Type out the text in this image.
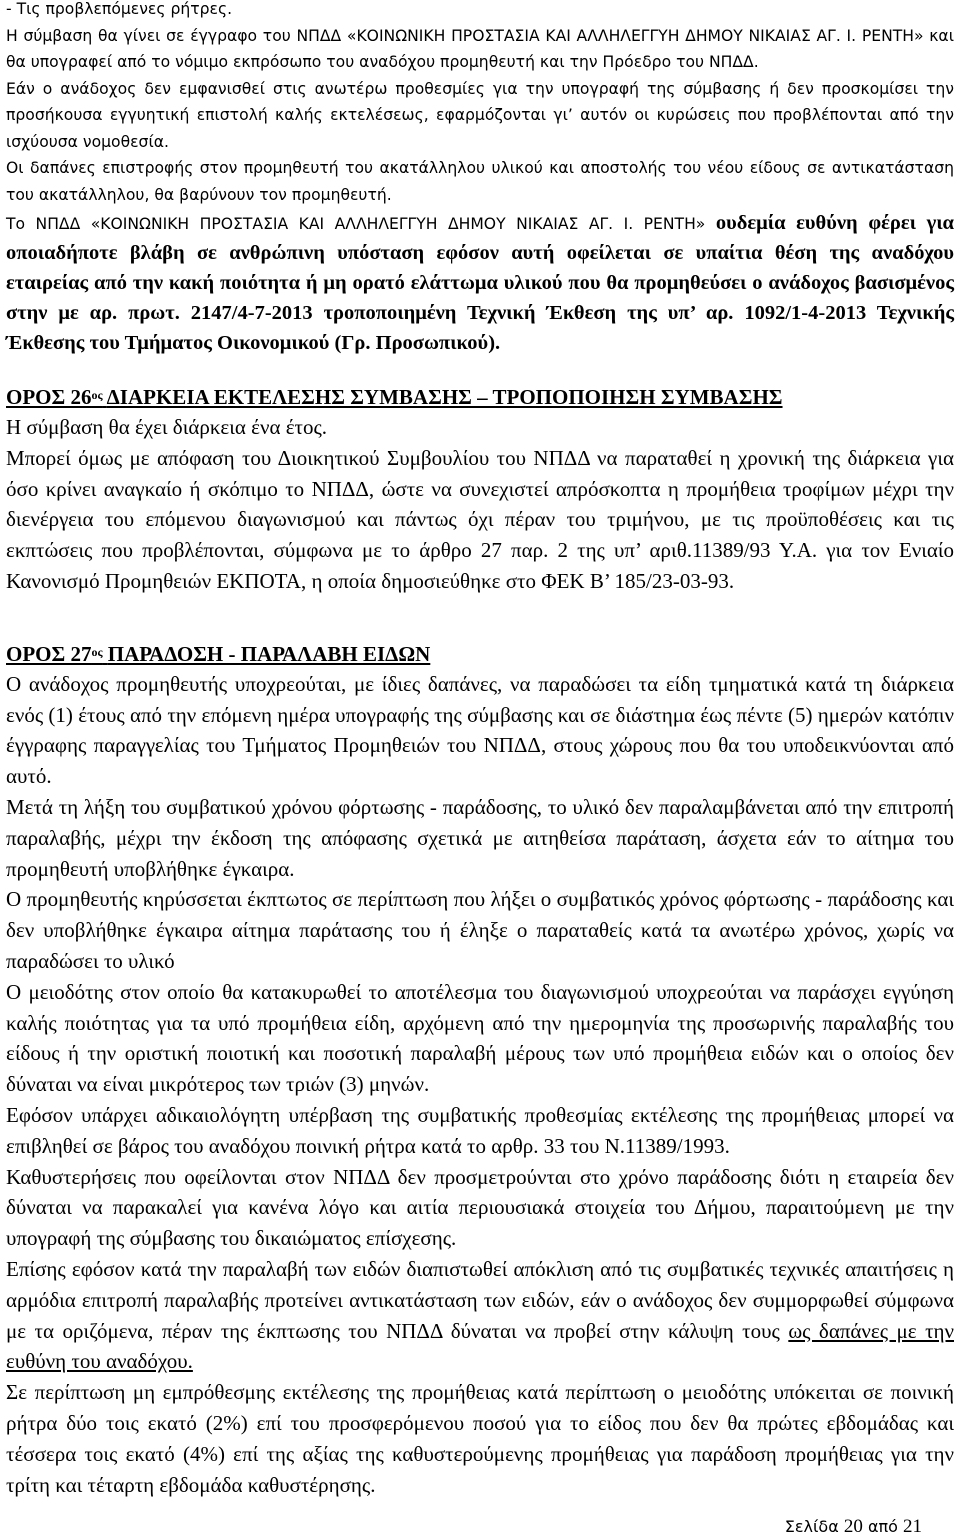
- Τις προβλεπόμενες ρήτρες.

Η σύμβαση θα γίνει σε έγγραφο του ΝΠΔΔ «ΚΟΙΝΩΝΙΚΗ ΠΡΟΣΤΑΣΙΑ ΚΑΙ ΑΛΛΗΛΕΓΓΥΗ ΔΗΜΟΥ ΝΙΚΑΙΑΣ ΑΓ. Ι. ΡΕΝΤΗ» και θα υπογραφεί από το νόμιμο εκπρόσωπο του αναδόχου προμηθευτή και την Πρόεδρο του ΝΠΔΔ.

Εάν ο ανάδοχος δεν εμφανισθεί στις ανωτέρω προθεσμίες για την υπογραφή της σύμβασης ή δεν προσκομίσει την προσήκουσα εγγυητική επιστολή καλής εκτελέσεως, εφαρμόζονται γι’ αυτόν οι κυρώσεις που προβλέπονται από την ισχύουσα νομοθεσία.

Οι δαπάνες επιστροφής στον προμηθευτή του ακατάλληλου υλικού και αποστολής του νέου είδους σε αντικατάσταση του ακατάλληλου, θα βαρύνουν τον προμηθευτή.

Το ΝΠΔΔ «ΚΟΙΝΩΝΙΚΗ ΠΡΟΣΤΑΣΙΑ ΚΑΙ ΑΛΛΗΛΕΓΓΥΗ ΔΗΜΟΥ ΝΙΚΑΙΑΣ ΑΓ. Ι. ΡΕΝΤΗ» ουδεμία ευθύνη φέρει για οποιαδήποτε βλάβη σε ανθρώπινη υπόσταση εφόσον αυτή οφείλεται σε υπαίτια θέση της αναδόχου εταιρείας από την κακή ποιότητα ή μη ορατό ελάττωμα υλικού που θα προμηθεύσει ο ανάδοχος βασισμένος στην με αρ. πρωτ. 2147/4-7-2013 τροποποιημένη Τεχνική Έκθεση της υπ’ αρ. 1092/1-4-2013 Τεχνικής Έκθεσης του Τμήματος Οικονομικού (Γρ. Προσωπικού).

ΟΡΟΣ $26^{o\varsigma}$ ΔΙΑΡΚΕΙΑ ΕΚΤΕΛΕΣΗΣ ΣΥΜΒΑΣΗΣ – ΤΡΟΠΟΠΟΙΗΣΗ ΣΥΜΒΑΣΗΣ

Η σύμβαση θα έχει διάρκεια ένα έτος.

Μπορεί όμως με απόφαση του Διοικητικού Συμβουλίου του ΝΠΔΔ να παραταθεί η χρονική της διάρκεια για όσο κρίνει αναγκαίο ή σκόπιμο το ΝΠΔΔ, ώστε να συνεχιστεί απρόσκοπτα η προμήθεια τροφίμων μέχρι την διενέργεια του επόμενου διαγωνισμού και πάντως όχι πέραν του τριμήνου, με τις προϋποθέσεις και τις εκπτώσεις που προβλέπονται, σύμφωνα με το άρθρο 27 παρ. 2 της υπ’ αριθ.11389/93 Υ.Α. για τον Ενιαίο Κανονισμό Προμηθειών ΕΚΠΟΤΑ, η οποία δημοσιεύθηκε στο ΦΕΚ Β’ 185/23-03-93.

ΟΡΟΣ $27^{o\varsigma}$ ΠΑΡΑΔΟΣΗ - ΠΑΡΑΛΑΒΗ ΕΙΔΩΝ

Ο ανάδοχος προμηθευτής υποχρεούται, με ίδιες δαπάνες, να παραδώσει τα είδη τμηματικά κατά τη διάρκεια ενός (1) έτους από την επόμενη ημέρα υπογραφής της σύμβασης και σε διάστημα έως πέντε (5) ημερών κατόπιν έγγραφης παραγγελίας του Τμήματος Προμηθειών του ΝΠΔΔ, στους χώρους που θα του υποδεικνύονται από αυτό.

Μετά τη λήξη του συμβατικού χρόνου φόρτωσης - παράδοσης, το υλικό δεν παραλαμβάνεται από την επιτροπή παραλαβής, μέχρι την έκδοση της απόφασης σχετικά με αιτηθείσα παράταση, άσχετα εάν το αίτημα του προμηθευτή υποβλήθηκε έγκαιρα.

Ο προμηθευτής κηρύσσεται έκπτωτος σε περίπτωση που λήξει ο συμβατικός χρόνος φόρτωσης - παράδοσης και δεν υποβλήθηκε έγκαιρα αίτημα παράτασης του ή έληξε ο παραταθείς κατά τα ανωτέρω χρόνος, χωρίς να παραδώσει το υλικό

Ο μειοδότης στον οποίο θα κατακυρωθεί το αποτέλεσμα του διαγωνισμού υποχρεούται να παράσχει εγγύηση καλής ποιότητας για τα υπό προμήθεια είδη, αρχόμενη από την ημερομηνία της προσωρινής παραλαβής του είδους ή την οριστική ποιοτική και ποσοτική παραλαβή μέρους των υπό προμήθεια ειδών και ο οποίος δεν δύναται να είναι μικρότερος των τριών (3) μηνών.

Εφόσον υπάρχει αδικαιολόγητη υπέρβαση της συμβατικής προθεσμίας εκτέλεσης της προμήθειας μπορεί να επιβληθεί σε βάρος του αναδόχου ποινική ρήτρα κατά το αρθρ. 33 του Ν.11389/1993.

Καθυστερήσεις που οφείλονται στον ΝΠΔΔ δεν προσμετρούνται στο χρόνο παράδοσης διότι η εταιρεία δεν δύναται να παρακαλεί για κανένα λόγο και αιτία περιουσιακά στοιχεία του Δήμου, παραιτούμενη με την υπογραφή της σύμβασης του δικαιώματος επίσχεσης.

Επίσης εφόσον κατά την παραλαβή των ειδών διαπιστωθεί απόκλιση από τις συμβατικές τεχνικές απαιτήσεις η αρμόδια επιτροπή παραλαβής προτείνει αντικατάσταση των ειδών, εάν ο ανάδοχος δεν συμμορφωθεί σύμφωνα με τα οριζόμενα, πέραν της έκπτωσης του ΝΠΔΔ δύναται να προβεί στην κάλυψη τους ως δαπάνες με την ευθύνη του αναδόχου.

Σε περίπτωση μη εμπρόθεσμης εκτέλεσης της προμήθειας κατά περίπτωση ο μειοδότης υπόκειται σε ποινική ρήτρα δύο τοις εκατό (2%) επί του προσφερόμενου ποσού για το είδος που δεν θα πρώτες εβδομάδας και τέσσερα τοις εκατό (4%) επί της αξίας της καθυστερούμενης προμήθειας για παράδοση προμήθειας για την τρίτη και τέταρτη εβδομάδα καθυστέρησης.

Σελίδα 20 από 21
